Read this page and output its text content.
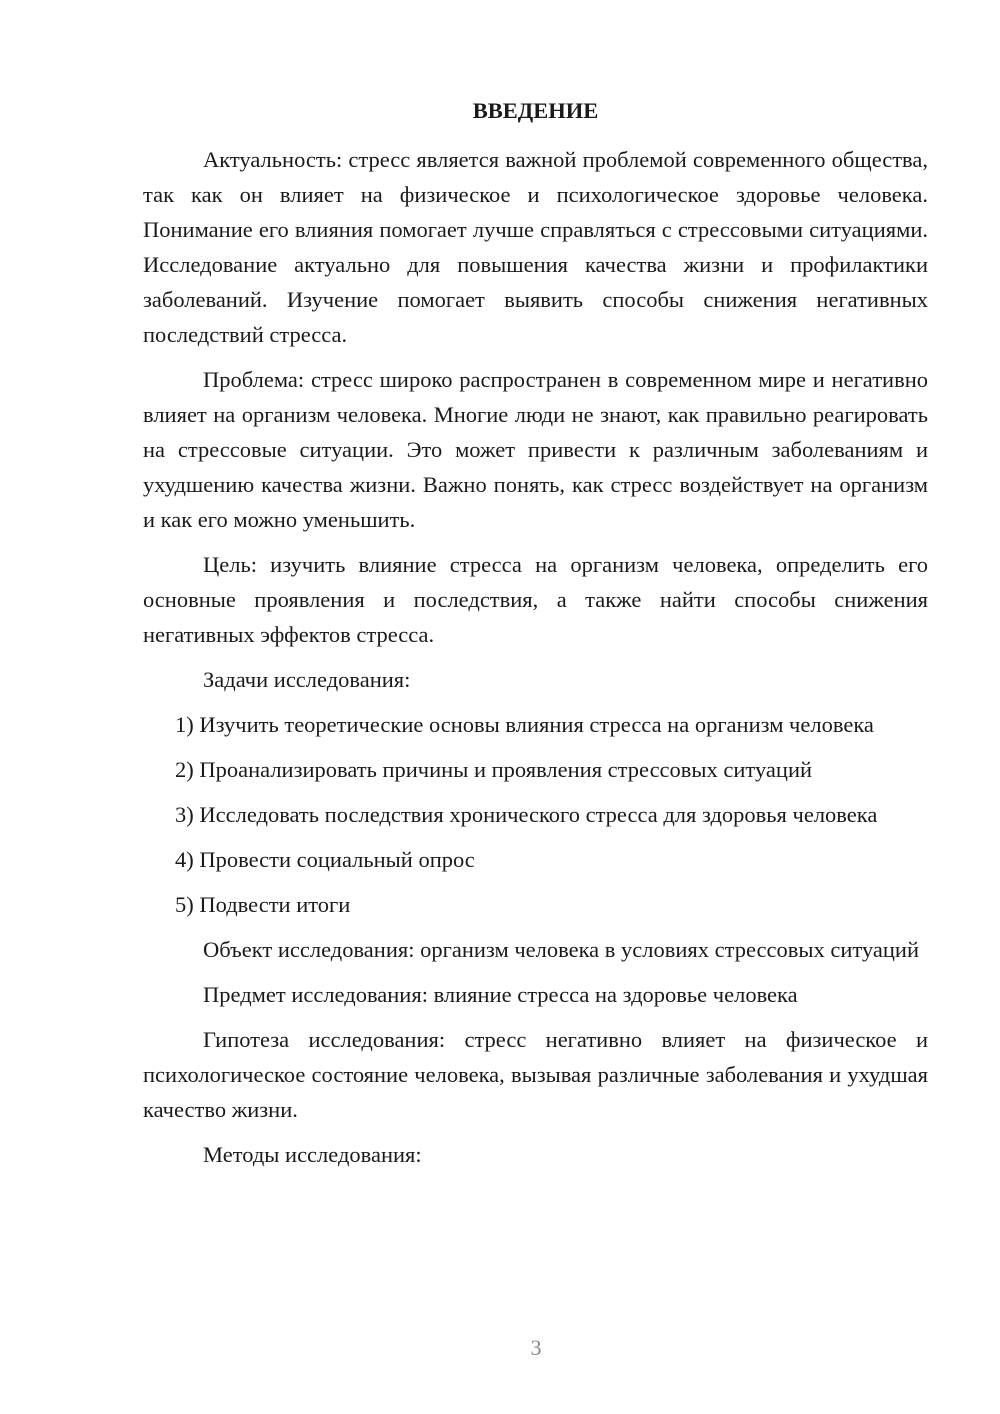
ВВЕДЕНИЕ

Актуальность: стресс является важной проблемой современного общества, так как он влияет на физическое и психологическое здоровье человека. Понимание его влияния помогает лучше справляться с стрессовыми ситуациями. Исследование актуально для повышения качества жизни и профилактики заболеваний. Изучение помогает выявить способы снижения негативных последствий стресса.

Проблема: стресс широко распространен в современном мире и негативно влияет на организм человека. Многие люди не знают, как правильно реагировать на стрессовые ситуации. Это может привести к различным заболеваниям и ухудшению качества жизни. Важно понять, как стресс воздействует на организм и как его можно уменьшить.

Цель: изучить влияние стресса на организм человека, определить его основные проявления и последствия, а также найти способы снижения негативных эффектов стресса.

Задачи исследования:

1) Изучить теоретические основы влияния стресса на организм человека

2) Проанализировать причины и проявления стрессовых ситуаций

3) Исследовать последствия хронического стресса для здоровья человека

4) Провести социальный опрос

5) Подвести итоги

Объект исследования: организм человека в условиях стрессовых ситуаций

Предмет исследования: влияние стресса на здоровье человека

Гипотеза исследования: стресс негативно влияет на физическое и психологическое состояние человека, вызывая различные заболевания и ухудшая качество жизни.

Методы исследования:

3
